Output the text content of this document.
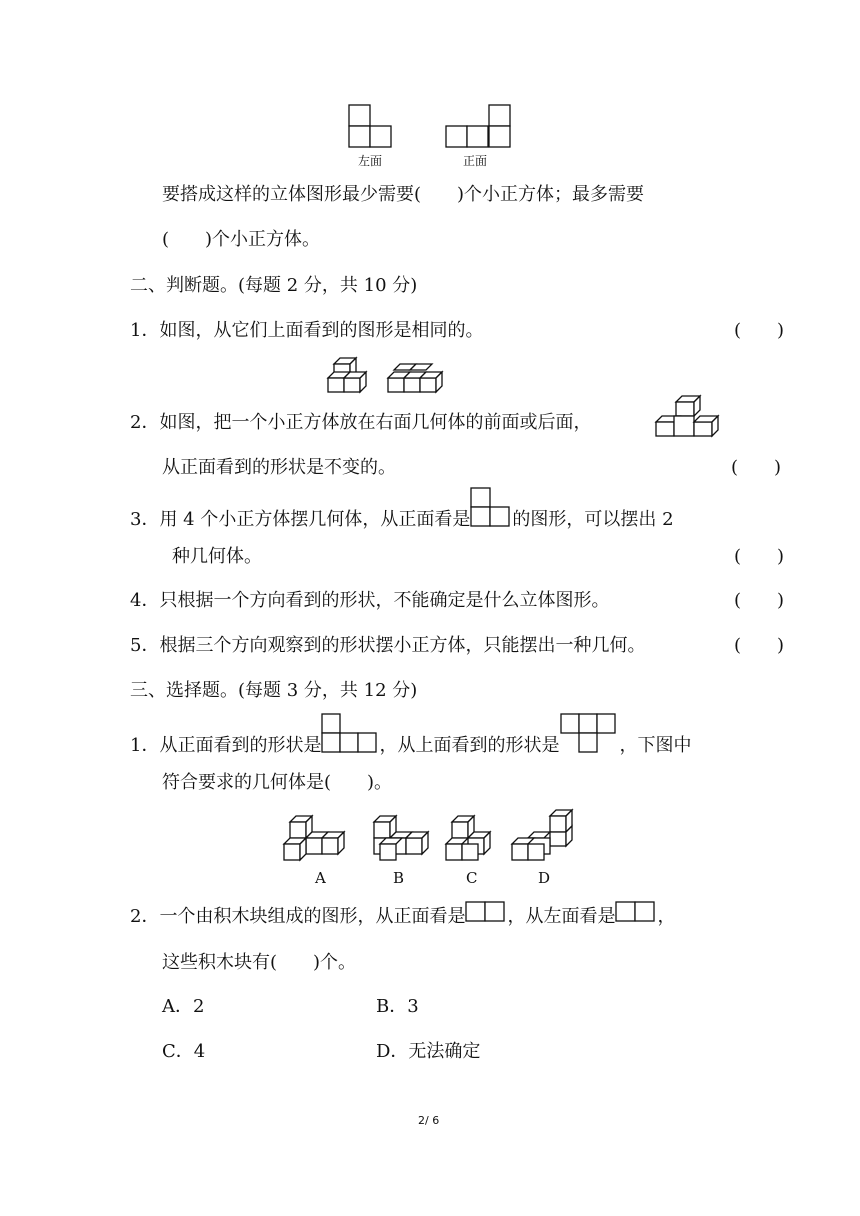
左面	正面
要搭成这样的立体图形最少需要(　　)个小正方体；最多需要
(　　)个小正方体。
二、判断题。(每题 2 分，共 10 分)
1．如图，从它们上面看到的图形是相同的。	(　　)
2．如图，把一个小正方体放在右面几何体的前面或后面，
从正面看到的形状是不变的。	(　　)
3．用 4 个小正方体摆几何体，从正面看是 的图形，可以摆出 2
种几何体。	(　　)
4．只根据一个方向看到的形状，不能确定是什么立体图形。	(　　)
5．根据三个方向观察到的形状摆小正方体，只能摆出一种几何。	(　　)
三、选择题。(每题 3 分，共 12 分)
1．从正面看到的形状是	，从上面看到的形状是	，下图中
符合要求的几何体是(　　)。
A	B	C	D
2．一个由积木块组成的图形，从正面看是 ，从左面看是 ，
这些积木块有(　　)个。
A．2	B．3
C．4	D．无法确定
2/ 6
